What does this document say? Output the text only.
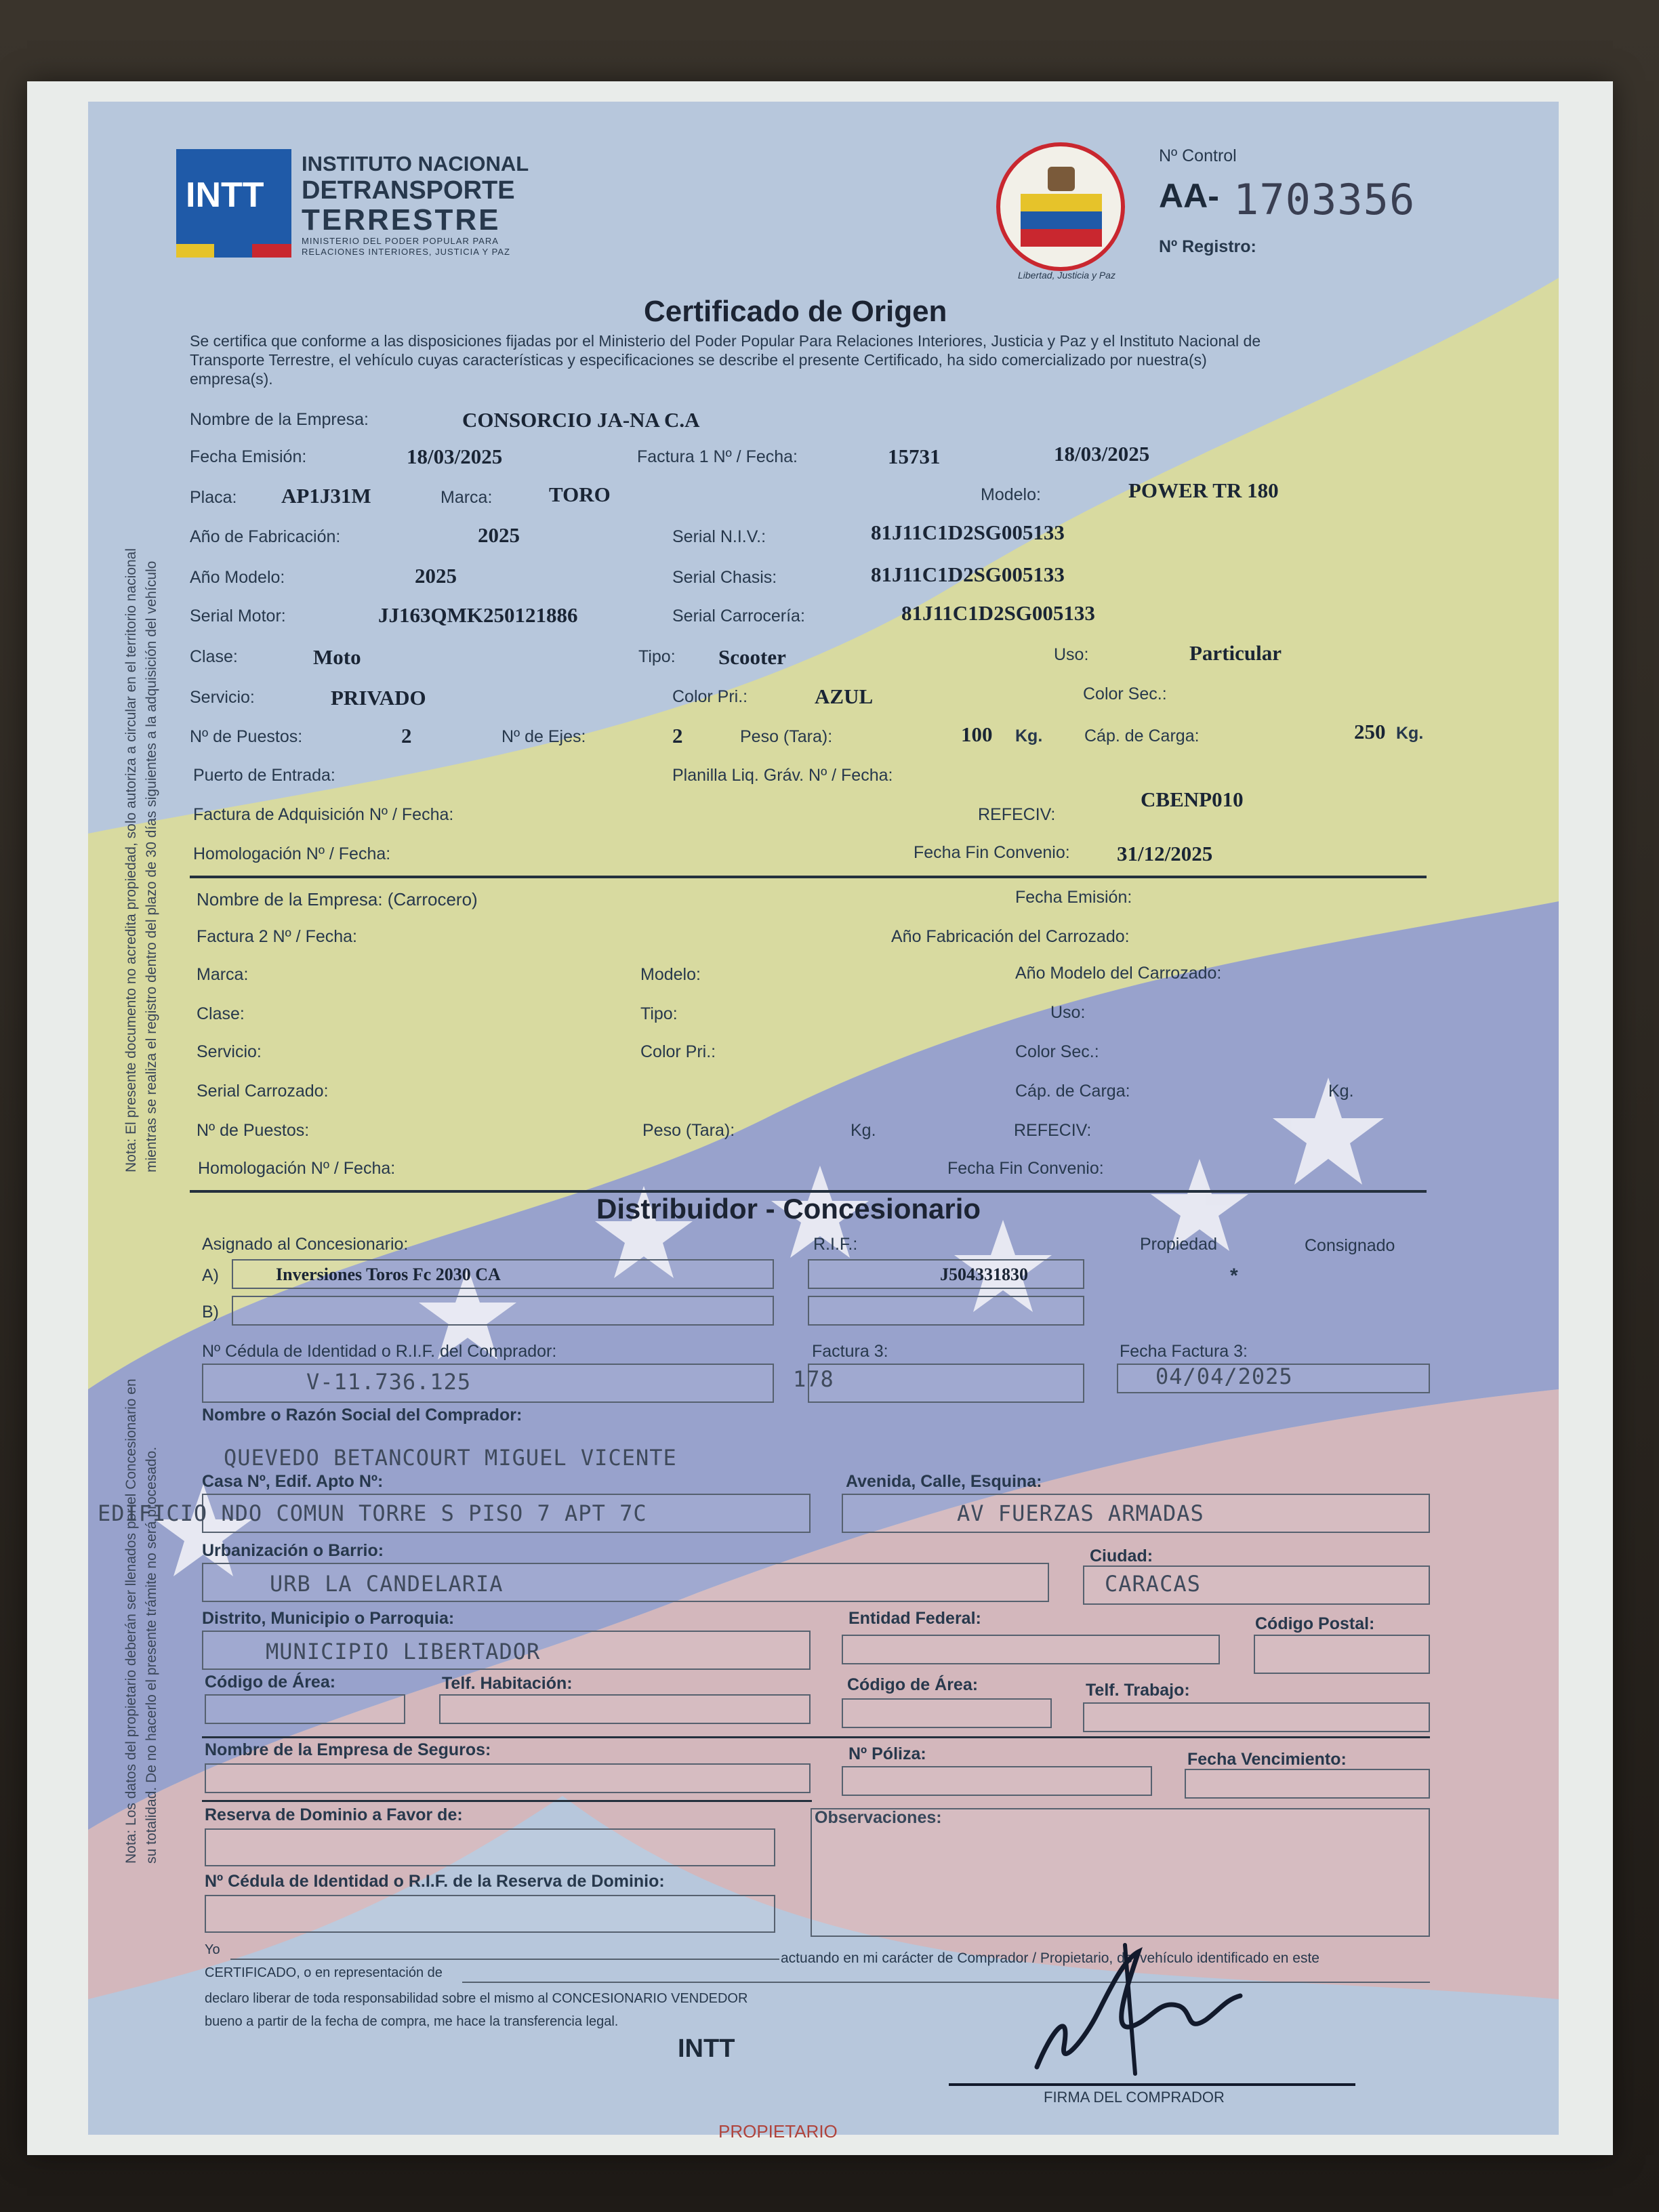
INTT
INSTITUTO NACIONAL
DETRANSPORTE
TERRESTRE
MINISTERIO DEL PODER POPULAR PARA
RELACIONES INTERIORES, JUSTICIA Y PAZ
Libertad, Justicia y Paz
Nº Control
AA- 1703356
Nº Registro:
Certificado de Origen
Se certifica que conforme a las disposiciones fijadas por el Ministerio del Poder Popular Para Relaciones Interiores, Justicia y Paz y el Instituto Nacional de
Transporte Terrestre, el vehículo cuyas características y especificaciones se describe el presente Certificado, ha sido comercializado por nuestra(s)
empresa(s).
Nombre de la Empresa:	CONSORCIO JA-NA C.A
Fecha Emisión:	18/03/2025	Factura 1 Nº / Fecha:	15731	18/03/2025
Placa: AP1J31M	Marca:	TORO	Modelo:	POWER TR 180
Año de Fabricación:	2025	Serial N.I.V.:	81J11C1D2SG005133
Año Modelo:	2025	Serial Chasis:	81J11C1D2SG005133
Serial Motor:	JJ163QMK250121886	Serial Carrocería:	81J11C1D2SG005133
Clase:	Moto	Tipo: Scooter	Uso:	Particular
Servicio:	PRIVADO	Color Pri.:	AZUL	Color Sec.:
Nº de Puestos:	2	Nº de Ejes:	2	Peso (Tara):	100 Kg. Cáp. de Carga:	250 Kg.
Puerto de Entrada:	Planilla Liq. Gráv. Nº / Fecha:
Factura de Adquisición Nº / Fecha:	REFECIV:
CBENP010
Homologación Nº / Fecha:	Fecha Fin Convenio: 31/12/2025
Nombre de la Empresa: (Carrocero)	Fecha Emisión:
Factura 2 Nº / Fecha:	Año Fabricación del Carrozado:
Marca:	Modelo:	Año Modelo del Carrozado:
Clase:	Tipo:	Uso:
Servicio:	Color Pri.:	Color Sec.:
Serial Carrozado:	Cáp. de Carga:	Kg.
Nº de Puestos:	Peso (Tara):	Kg.	REFECIV:
Homologación Nº / Fecha:	Fecha Fin Convenio:
Distribuidor - Concesionario
Asignado al Concesionario:	R.I.F.:	Propiedad	Consignado
A)	Inversiones Toros Fc 2030 CA	J504331830	*
B)
Nº Cédula de Identidad o R.I.F. del Comprador:
V-11.736.125
Factura 3:
178
Fecha Factura 3:
04/04/2025
Nombre o Razón Social del Comprador:
QUEVEDO BETANCOURT MIGUEL VICENTE
Casa Nº, Edif. Apto Nº:	Avenida, Calle, Esquina:
EDIFICIO NDO COMUN TORRE S PISO 7 APT 7C	AV FUERZAS ARMADAS
Urbanización o Barrio:	Ciudad:
URB LA CANDELARIA	CARACAS
Distrito, Municipio o Parroquia:	Entidad Federal:	Código Postal:
MUNICIPIO LIBERTADOR
Código de Área:	Telf. Habitación:	Código de Área:	Telf. Trabajo:
Nombre de la Empresa de Seguros:	Nº Póliza:	Fecha Vencimiento:
Reserva de Dominio a Favor de:	Observaciones:
Nº Cédula de Identidad o R.I.F. de la Reserva de Dominio:
Yo
actuando en mi carácter de Comprador / Propietario, del vehículo identificado en este
CERTIFICADO, o en representación de
declaro liberar de toda responsabilidad sobre el mismo al CONCESIONARIO VENDEDOR
bueno a partir de la fecha de compra, me hace la transferencia legal.
INTT
FIRMA DEL COMPRADOR
Nota: El presente documento no acredita propiedad, solo autoriza a circular en el territorio nacional mientras se realiza el registro dentro del plazo de 30 días siguientes a la adquisición del vehículo
Nota: Los datos del propietario deberán ser llenados por el Concesionario en su totalidad. De no hacerlo el presente trámite no será procesado.
PROPIETARIO
